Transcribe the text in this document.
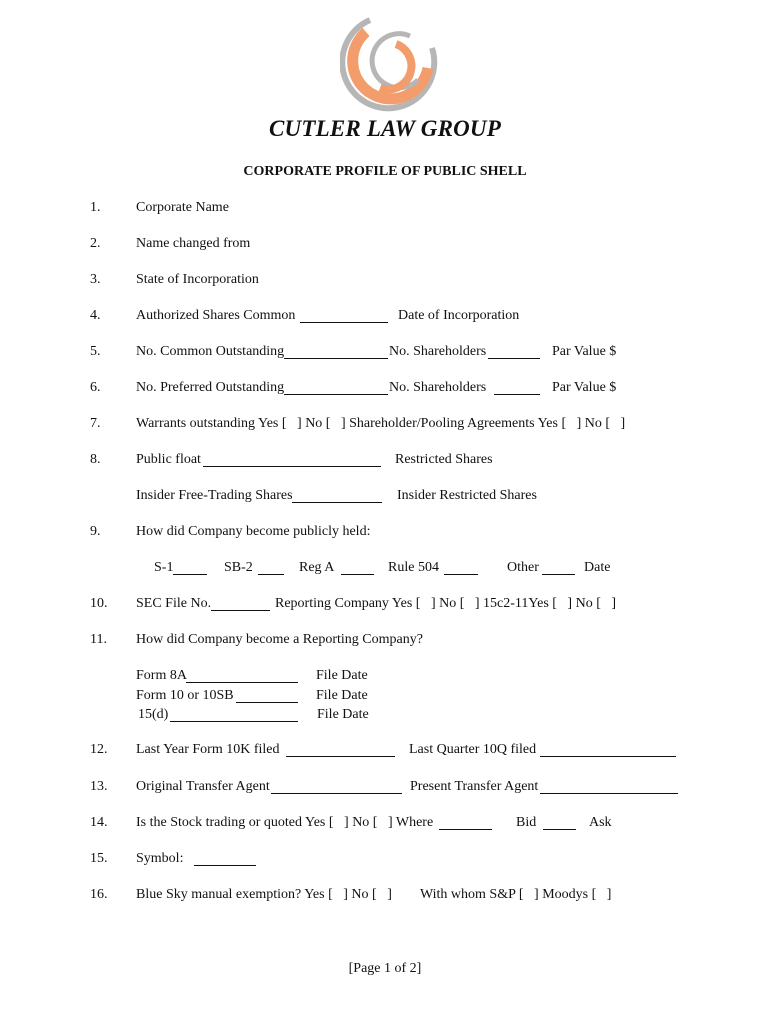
CUTLER LAW GROUP
CORPORATE PROFILE OF PUBLIC SHELL
1.	Corporate Name
2.	Name changed from
3.	State of Incorporation
4.	Authorized Shares Common	Date of Incorporation
5.	No. Common Outstanding	No. Shareholders	Par Value $
6.	No. Preferred Outstanding	No. Shareholders	Par Value $
7.	Warrants outstanding Yes [   ] No [   ] Shareholder/Pooling Agreements Yes [   ] No [   ]
8.	Public float	Restricted Shares
Insider Free-Trading Shares	Insider Restricted Shares
9.	How did Company become publicly held:
S-1	SB-2	Reg A	Rule 504	Other	Date
10. SEC File No.	Reporting Company Yes [   ] No [   ] 15c2-11Yes [   ] No [   ]
11. How did Company become a Reporting Company?
Form 8A	File Date
Form 10 or 10SB	File Date
15(d)	File Date
12. Last Year Form 10K filed	Last Quarter 10Q filed
13. Original Transfer Agent	Present Transfer Agent
14. Is the Stock trading or quoted Yes [   ] No [   ] Where	Bid	Ask
15. Symbol:
16. Blue Sky manual exemption? Yes [   ] No [   ] With whom S&P [   ] Moodys [   ]
[Page 1 of 2]
